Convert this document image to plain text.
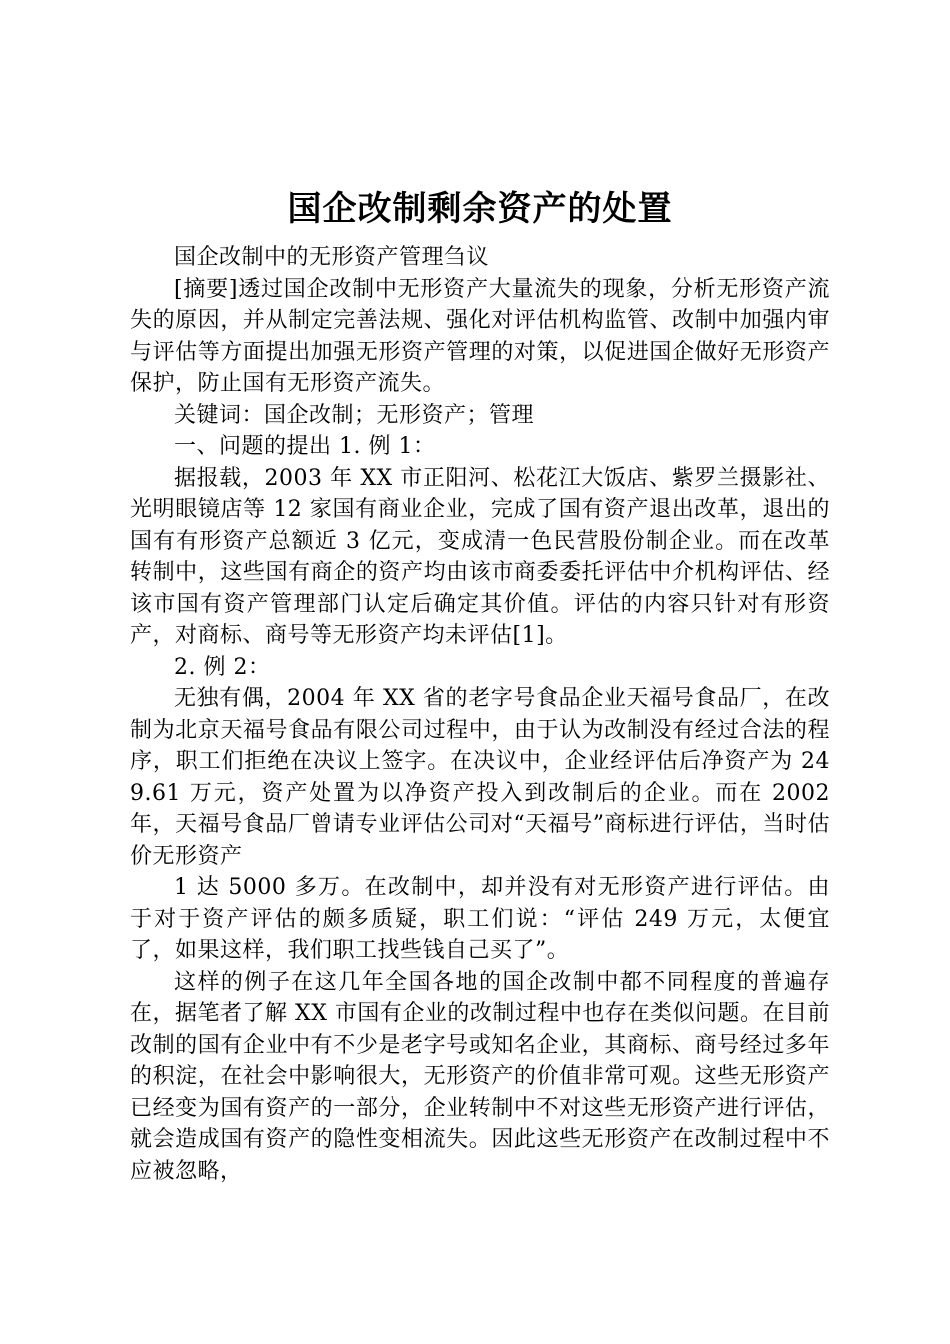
国企改制剩余资产的处置

国企改制中的无形资产管理刍议

[摘要]透过国企改制中无形资产大量流失的现象，分析无形资产流失的原因，并从制定完善法规、强化对评估机构监管、改制中加强内审与评估等方面提出加强无形资产管理的对策，以促进国企做好无形资产保护，防止国有无形资产流失。

关键词：国企改制；无形资产；管理

一、问题的提出 1. 例 1：

据报载，2003 年 XX 市正阳河、松花江大饭店、紫罗兰摄影社、光明眼镜店等 12 家国有商业企业，完成了国有资产退出改革，退出的国有有形资产总额近 3 亿元，变成清一色民营股份制企业。而在改革转制中，这些国有商企的资产均由该市商委委托评估中介机构评估、经该市国有资产管理部门认定后确定其价值。评估的内容只针对有形资产，对商标、商号等无形资产均未评估[1]。

2. 例 2：

无独有偶，2004 年 XX 省的老字号食品企业天福号食品厂，在改制为北京天福号食品有限公司过程中，由于认为改制没有经过合法的程序，职工们拒绝在决议上签字。在决议中，企业经评估后净资产为 249.61 万元，资产处置为以净资产投入到改制后的企业。而在 2002 年，天福号食品厂曾请专业评估公司对“天福号”商标进行评估，当时估价无形资产

1 达 5000 多万。在改制中，却并没有对无形资产进行评估。由于对于资产评估的颇多质疑，职工们说：“评估 249 万元，太便宜了，如果这样，我们职工找些钱自己买了”。

这样的例子在这几年全国各地的国企改制中都不同程度的普遍存在，据笔者了解 XX 市国有企业的改制过程中也存在类似问题。在目前改制的国有企业中有不少是老字号或知名企业，其商标、商号经过多年的积淀，在社会中影响很大，无形资产的价值非常可观。这些无形资产已经变为国有资产的一部分，企业转制中不对这些无形资产进行评估，就会造成国有资产的隐性变相流失。因此这些无形资产在改制过程中不应被忽略，
